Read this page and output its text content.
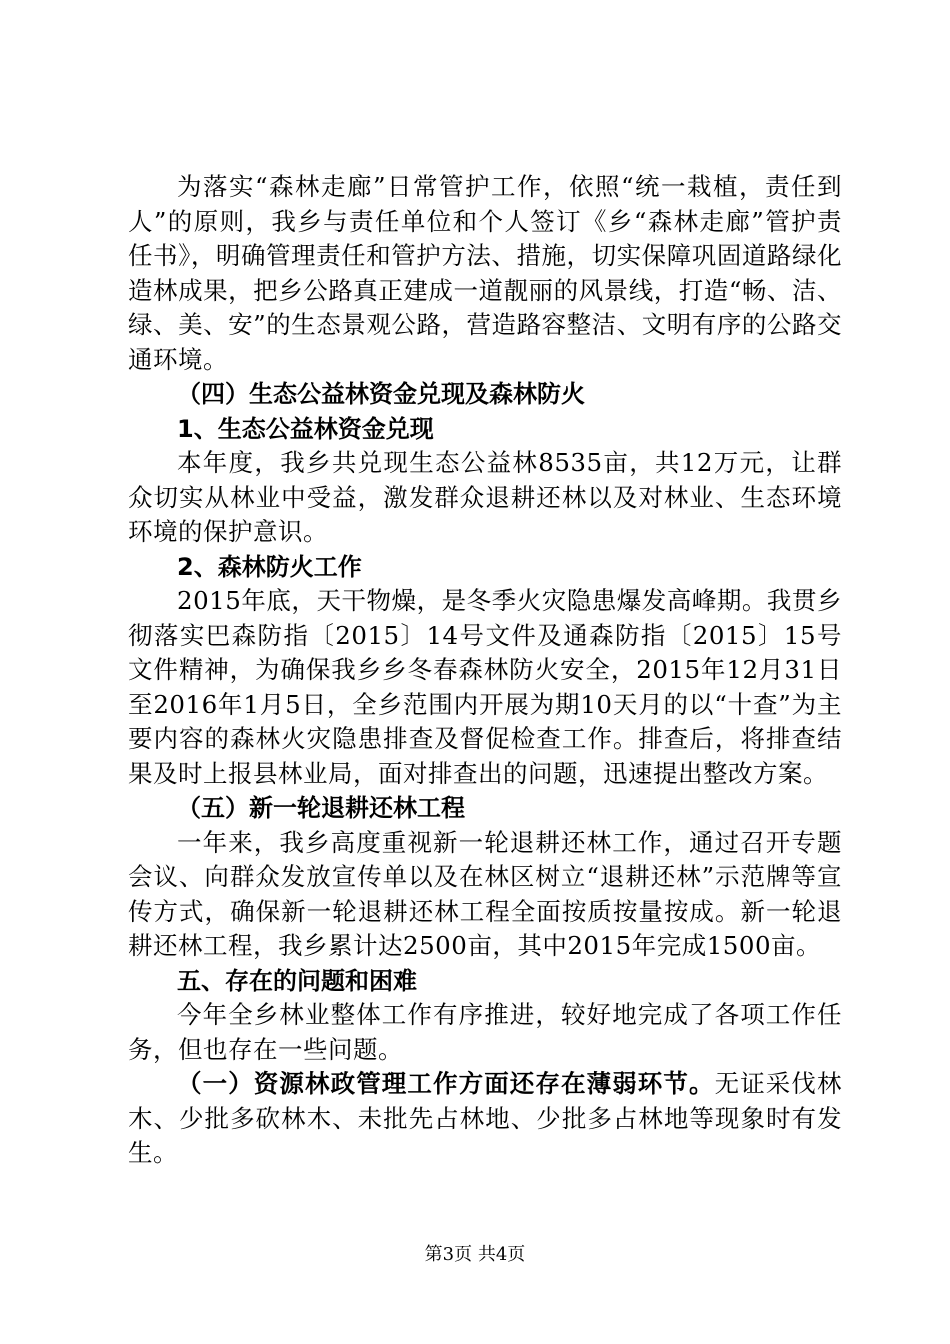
为落实“森林走廊”日常管护工作，依照“统一栽植，责任到人”的原则，我乡与责任单位和个人签订《乡“森林走廊”管护责任书》，明确管理责任和管护方法、措施，切实保障巩固道路绿化造林成果，把乡公路真正建成一道靓丽的风景线，打造“畅、洁、绿、美、安”的生态景观公路，营造路容整洁、文明有序的公路交通环境。

（四）生态公益林资金兑现及森林防火

1、生态公益林资金兑现

本年度，我乡共兑现生态公益林8535亩，共12万元，让群众切实从林业中受益，激发群众退耕还林以及对林业、生态环境环境的保护意识。

2、森林防火工作

2015年底，天干物燥，是冬季火灾隐患爆发高峰期。我贯乡彻落实巴森防指〔2015〕14号文件及通森防指〔2015〕15号文件精神，为确保我乡乡冬春森林防火安全，2015年12月31日至2016年1月5日，全乡范围内开展为期10天月的以“十查”为主要内容的森林火灾隐患排查及督促检查工作。排查后，将排查结果及时上报县林业局，面对排查出的问题，迅速提出整改方案。

（五）新一轮退耕还林工程

一年来，我乡高度重视新一轮退耕还林工作，通过召开专题会议、向群众发放宣传单以及在林区树立“退耕还林”示范牌等宣传方式，确保新一轮退耕还林工程全面按质按量按成。新一轮退耕还林工程，我乡累计达2500亩，其中2015年完成1500亩。

五、存在的问题和困难

今年全乡林业整体工作有序推进，较好地完成了各项工作任务，但也存在一些问题。

（一）资源林政管理工作方面还存在薄弱环节。无证采伐林木、少批多砍林木、未批先占林地、少批多占林地等现象时有发生。

第3页 共4页
